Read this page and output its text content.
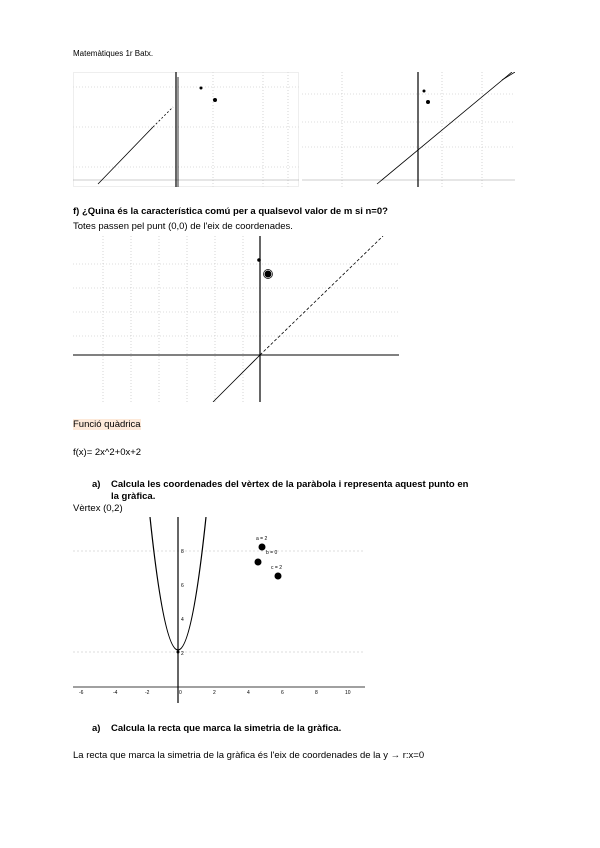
Matemàtiques 1r Batx.
f) ¿Quina és la característica comú per a qualsevol valor de m si n=0?
Totes passen pel punt (0,0) de l'eix de coordenades.
Funció quàdrica
f(x)= 2x^2+0x+2
a) Calcula les coordenades del vèrtex de la paràbola i representa aquest punto en
la gràfica.
Vèrtex (0,2)
8
6
4
2
-6	-4	-2	0	2	4	6	8	10
a = 2
b = 0
c = 2
a) Calcula la recta que marca la simetria de la gràfica.
La recta que marca la simetria de la gràfica és l'eix de coordenades de la y → r:x=0
